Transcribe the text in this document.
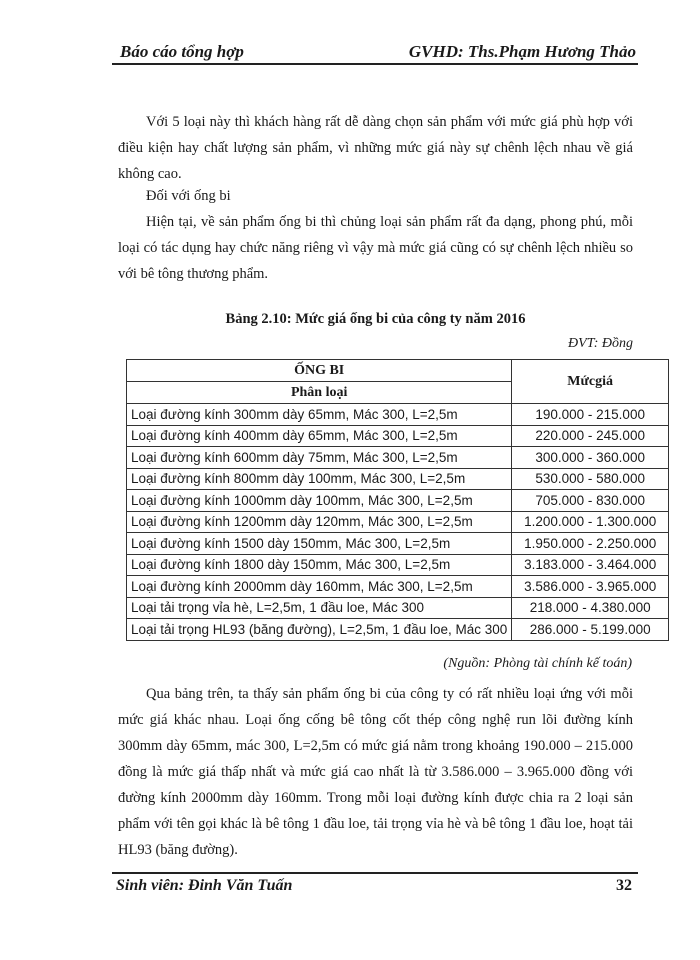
Báo cáo tổng hợp	GVHD: Ths.Phạm Hương Thảo

Với 5 loại này thì khách hàng rất dễ dàng chọn sản phẩm với mức giá phù hợp với điều kiện hay chất lượng sản phẩm, vì những mức giá này sự chênh lệch nhau về giá không cao.

Đối với ống bi

Hiện tại, về sản phẩm ống bi thì chủng loại sản phẩm rất đa dạng, phong phú, mỗi loại có tác dụng hay chức năng riêng vì vậy mà mức giá cũng có sự chênh lệch nhiều so với bê tông thương phẩm.

Bảng 2.10: Mức giá ống bi của công ty năm 2016
ĐVT: Đồng
ỐNG BI	Mứcgiá
Phân loại	
Loại đường kính 300mm dày 65mm, Mác 300, L=2,5m	190.000 - 215.000
Loại đường kính 400mm dày 65mm, Mác 300, L=2,5m	220.000 - 245.000
Loại đường kính 600mm dày 75mm, Mác 300, L=2,5m	300.000 - 360.000
Loại đường kính 800mm dày 100mm, Mác 300, L=2,5m	530.000 - 580.000
Loại đường kính 1000mm dày 100mm, Mác 300, L=2,5m	705.000 - 830.000
Loại đường kính 1200mm dày 120mm, Mác 300, L=2,5m	1.200.000 - 1.300.000
Loại đường kính 1500 dày 150mm, Mác 300, L=2,5m	1.950.000 - 2.250.000
Loại đường kính 1800 dày 150mm, Mác 300, L=2,5m	3.183.000 - 3.464.000
Loại đường kính 2000mm dày 160mm, Mác 300, L=2,5m	3.586.000 - 3.965.000
Loại tải trọng vỉa hè, L=2,5m, 1 đầu loe, Mác 300	218.000 - 4.380.000
Loại tải trọng HL93 (băng đường), L=2,5m, 1 đầu loe, Mác 300	286.000 - 5.199.000
(Nguồn: Phòng tài chính kế toán)

Qua bảng trên, ta thấy sản phẩm ống bi của công ty có rất nhiều loại ứng với mỗi mức giá khác nhau. Loại ống cống bê tông cốt thép công nghệ run lõi đường kính 300mm dày 65mm, mác 300, L=2,5m có mức giá nằm trong khoảng 190.000 – 215.000 đồng là mức giá thấp nhất và mức giá cao nhất là từ 3.586.000 – 3.965.000 đồng với đường kính 2000mm dày 160mm. Trong mỗi loại đường kính được chia ra 2 loại sản phẩm với tên gọi khác là bê tông 1 đầu loe, tải trọng vỉa hè và bê tông 1 đầu loe, hoạt tải HL93 (băng đường).

Sinh viên: Đinh Văn Tuấn	32
